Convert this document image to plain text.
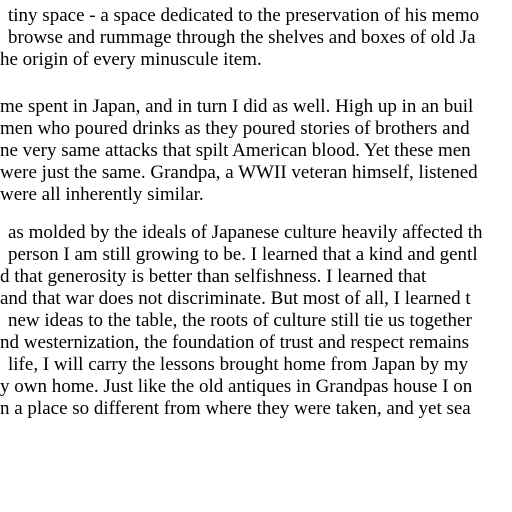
tiny space - a space dedicated to the preservation of his memo
browse and rummage through the shelves and boxes of old Ja
he origin of every minuscule item.
me spent in Japan, and in turn I did as well. High up in an buil
men who poured drinks as they poured stories of brothers and
ne very same attacks that spilt American blood. Yet these men
were just the same. Grandpa, a WWII veteran himself, listened
were all inherently similar.
as molded by the ideals of Japanese culture heavily affected th
person I am still growing to be. I learned that a kind and gentl
d that generosity is better than selfishness. I learned that
and that war does not discriminate. But most of all, I learned t
new ideas to the table, the roots of culture still tie us together
nd westernization, the foundation of trust and respect remains
life, I will carry the lessons brought home from Japan by my
y own home. Just like the old antiques in Grandpas house I on
n a place so different from where they were taken, and yet sea
